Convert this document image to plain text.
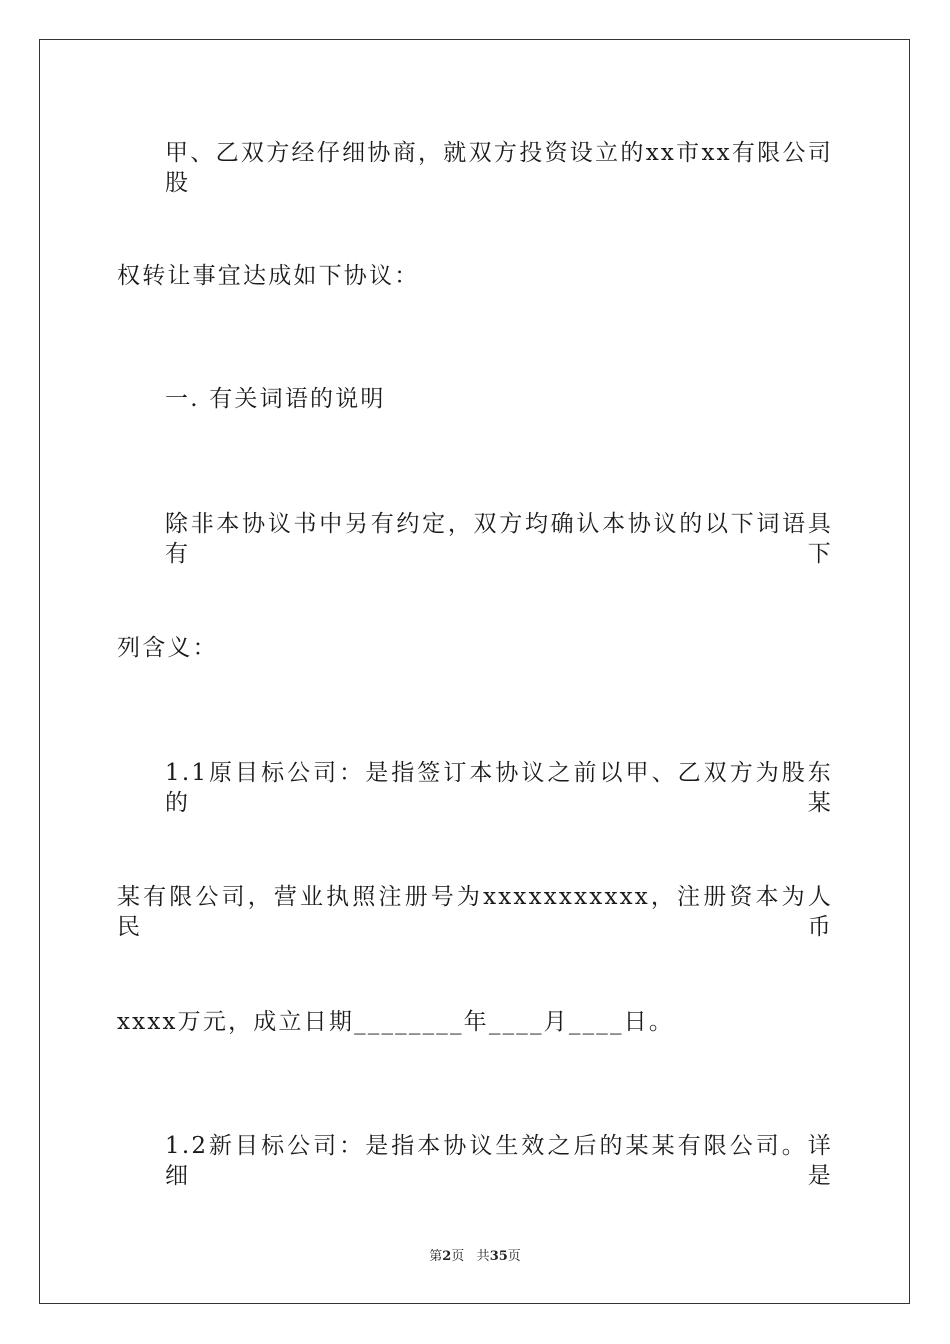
甲、乙双方经仔细协商，就双方投资设立的xx市xx有限公司股
权转让事宜达成如下协议：
一. 有关词语的说明
除非本协议书中另有约定，双方均确认本协议的以下词语具有下
列含义：
1.1原目标公司：是指签订本协议之前以甲、乙双方为股东的某
某有限公司，营业执照注册号为xxxxxxxxxxx，注册资本为人民币
xxxx万元，成立日期________年____月____日。
1.2新目标公司：是指本协议生效之后的某某有限公司。详细是
第2页 共35页
